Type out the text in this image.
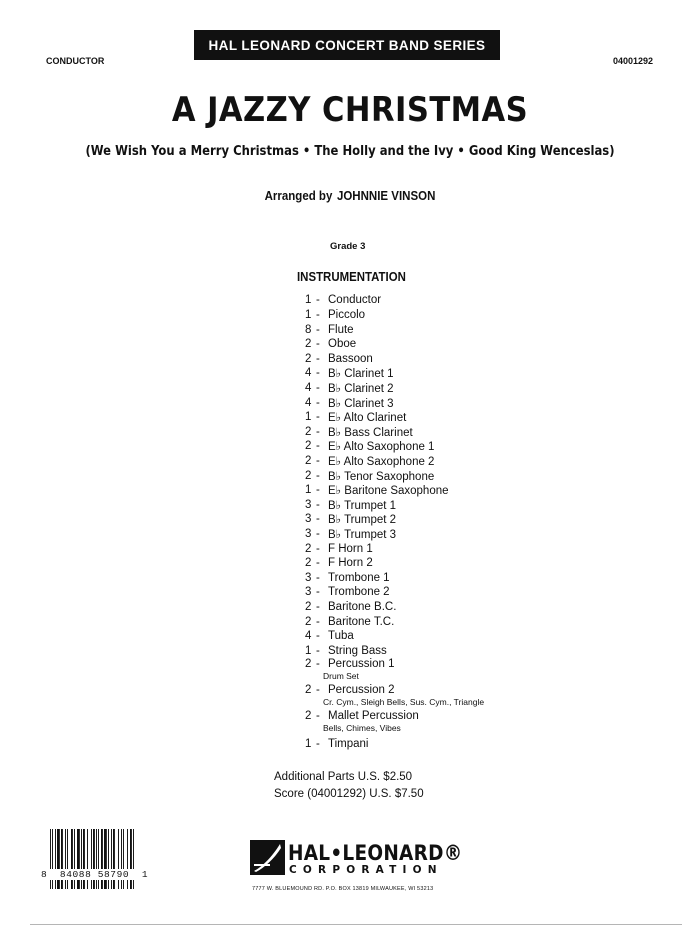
HAL LEONARD CONCERT BAND SERIES
CONDUCTOR	04001292
A JAZZY CHRISTMAS
(We Wish You a Merry Christmas • The Holly and the Ivy • Good King Wenceslas)
Arranged by JOHNNIE VINSON
Grade 3
INSTRUMENTATION
1 - Conductor
1 - Piccolo
8 - Flute
2 - Oboe
2 - Bassoon
4 - B♭ Clarinet 1
4 - B♭ Clarinet 2
4 - B♭ Clarinet 3
1 - E♭ Alto Clarinet
2 - B♭ Bass Clarinet
2 - E♭ Alto Saxophone 1
2 - E♭ Alto Saxophone 2
2 - B♭ Tenor Saxophone
1 - E♭ Baritone Saxophone
3 - B♭ Trumpet 1
3 - B♭ Trumpet 2
3 - B♭ Trumpet 3
2 - F Horn 1
2 - F Horn 2
3 - Trombone 1
3 - Trombone 2
2 - Baritone B.C.
2 - Baritone T.C.
4 - Tuba
1 - String Bass
2 - Percussion 1
Drum Set
2 - Percussion 2
Cr. Cym., Sleigh Bells, Sus. Cym., Triangle
2 - Mallet Percussion
Bells, Chimes, Vibes
1 - Timpani
Additional Parts U.S. $2.50
Score (04001292) U.S. $7.50
8  84088 58790  1
HAL•LEONARD®
CORPORATION
7777 W. BLUEMOUND RD. P.O. BOX 13819 MILWAUKEE, WI 53213
